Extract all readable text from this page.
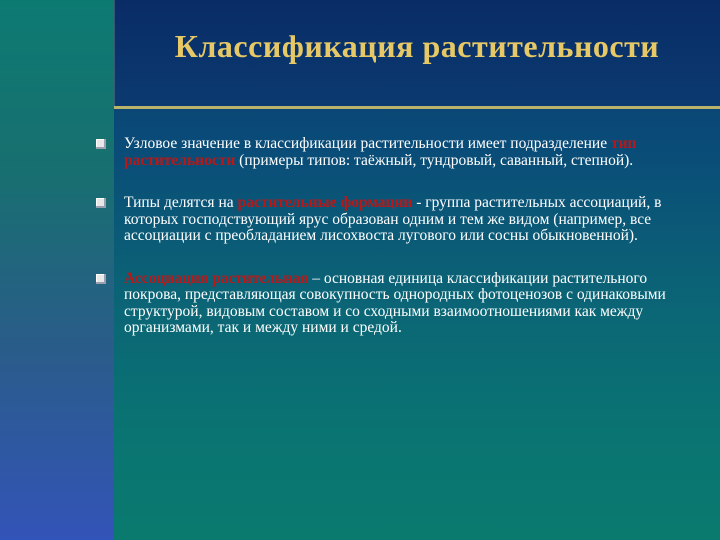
Классификация растительности
Узловое значение в классификации растительности имеет подразделение тип растительности (примеры типов: таёжный, тундровый, саванный, степной).
Типы делятся на растительные формации - группа растительных ассоциаций, в которых господствующий ярус образован одним и тем же видом (например, все ассоциации с преобладанием лисохвоста лугового или сосны обыкновенной).
Ассоциация растительная – основная единица классификации растительного покрова, представляющая совокупность однородных фотоценозов с одинаковыми структурой, видовым составом и со сходными взаимоотношениями как между организмами, так и между ними и средой.
